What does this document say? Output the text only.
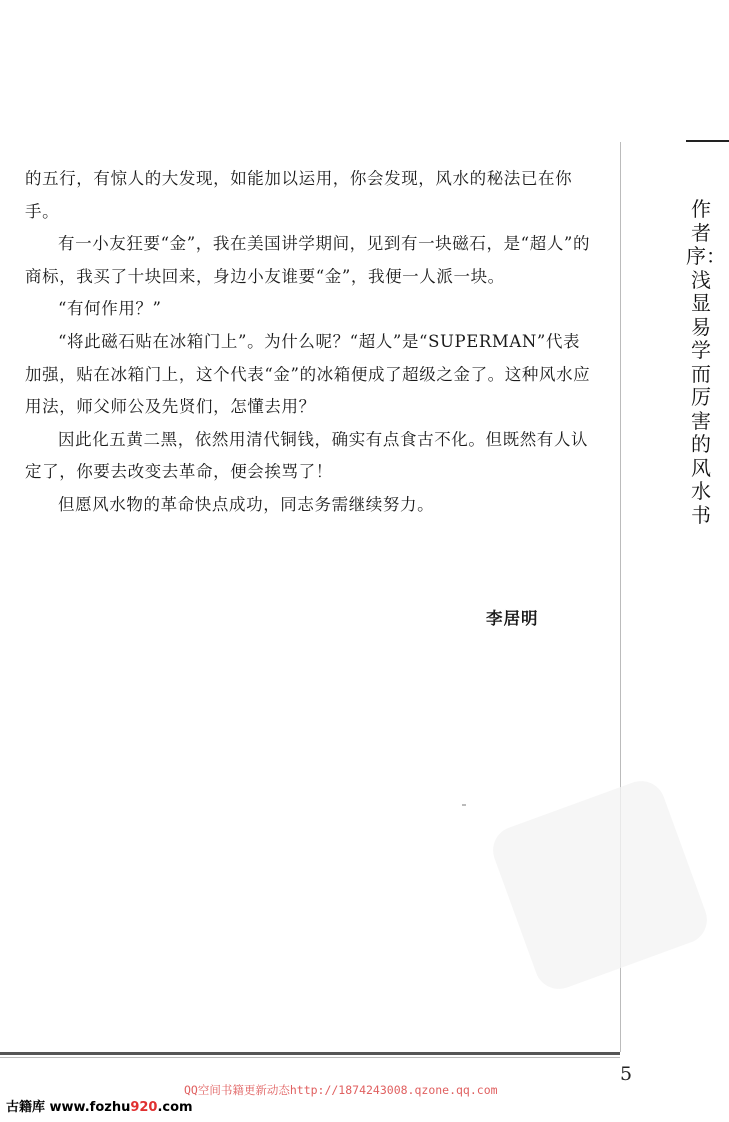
作者序：浅显易学而厉害的风水书

的五行，有惊人的大发现，如能加以运用，你会发现，风水的秘法已在你手。

有一小友狂要“金”，我在美国讲学期间，见到有一块磁石，是“超人”的商标，我买了十块回来，身边小友谁要“金”，我便一人派一块。

“有何作用？”

“将此磁石贴在冰箱门上”。为什么呢？“超人”是“SUPERMAN”代表加强，贴在冰箱门上，这个代表“金”的冰箱便成了超级之金了。这种风水应用法，师父师公及先贤们，怎懂去用？

因此化五黄二黑，依然用清代铜钱，确实有点食古不化。但既然有人认定了，你要去改变去革命，便会挨骂了！

但愿风水物的革命快点成功，同志务需继续努力。

李居明
5
古籍库 www.fozhu920.com
QQ空间书籍更新动态http://1874243008.qzone.qq.com
